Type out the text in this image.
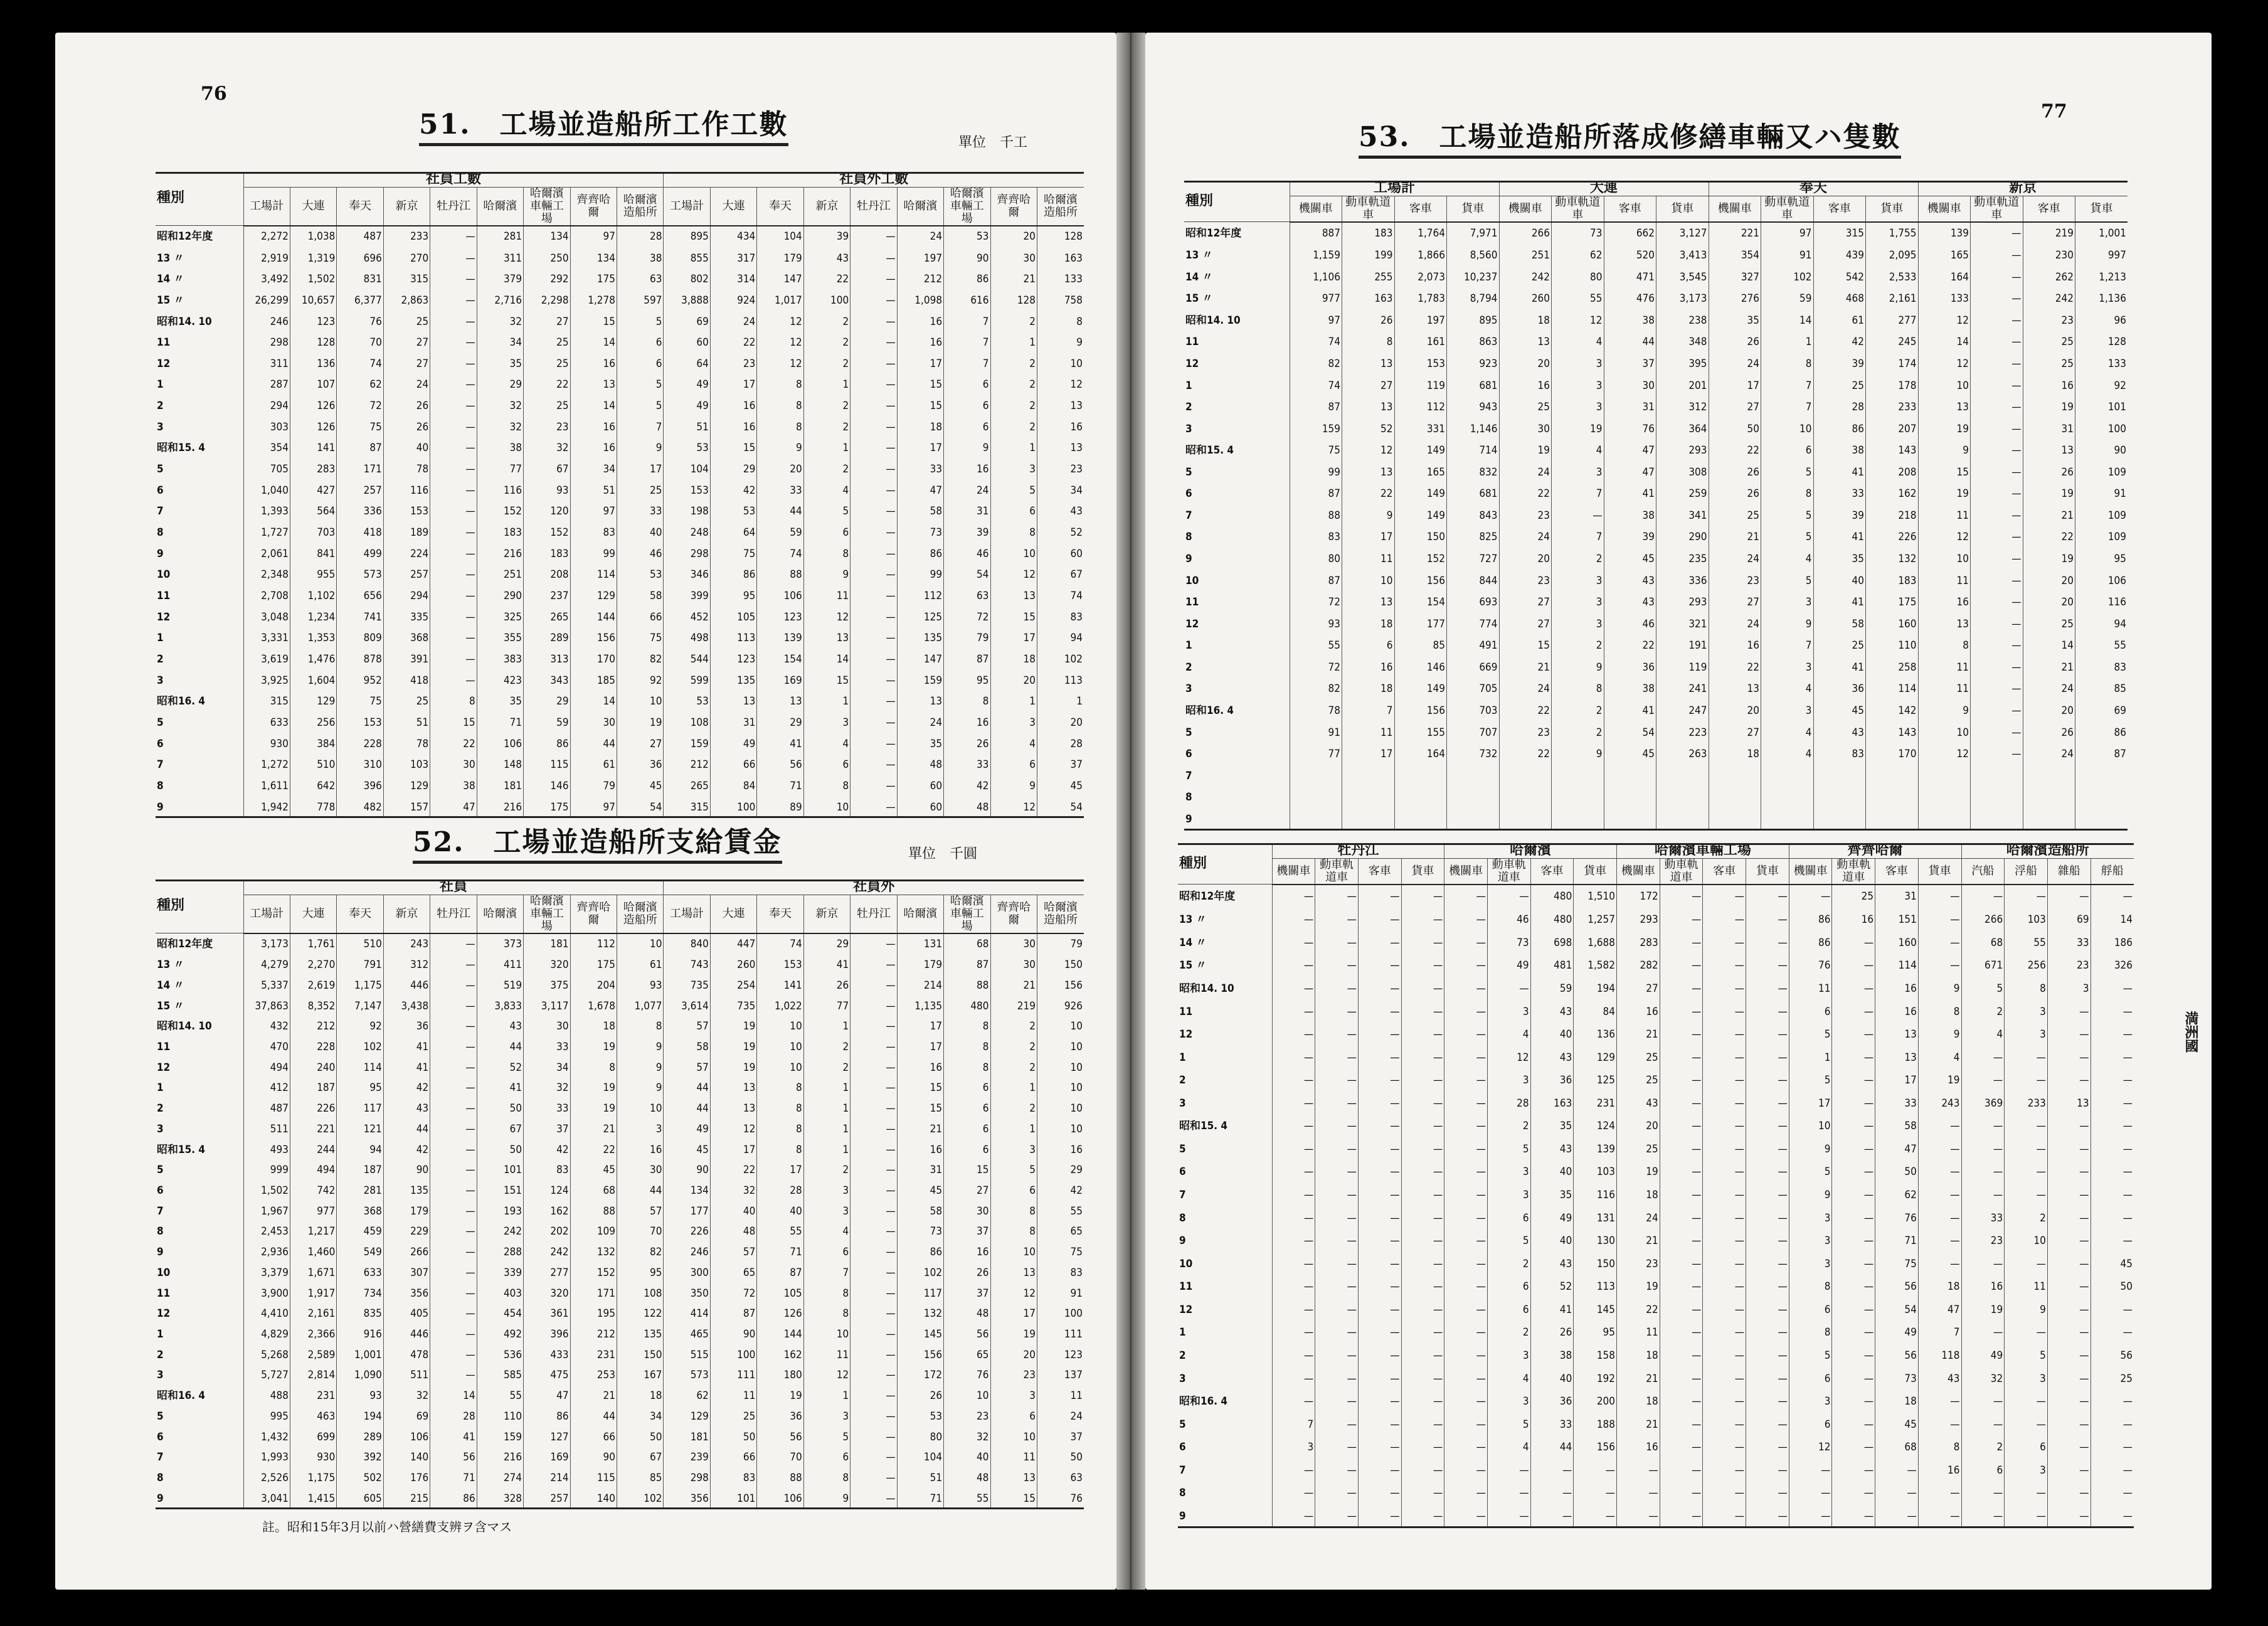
76
51.　工場並造船所工作工數
單位　千工
種別	社員工數									社員外工數								
	工場計	大連	奉天	新京	牡丹江	哈爾濱	哈爾濱車輛工場	齊齊哈爾	哈爾濱造船所	工場計	大連	奉天	新京	牡丹江	哈爾濱	哈爾濱車輛工場	齊齊哈爾	哈爾濱造船所
昭和12年度	2,272	1,038	487	233	—	281	134	97	28	895	434	104	39	—	24	53	20	128
13 〃	2,919	1,319	696	270	—	311	250	134	38	855	317	179	43	—	197	90	30	163
14 〃	3,492	1,502	831	315	—	379	292	175	63	802	314	147	22	—	212	86	21	133
15 〃	26,299	10,657	6,377	2,863	—	2,716	2,298	1,278	597	3,888	924	1,017	100	—	1,098	616	128	758
昭和14. 10	246	123	76	25	—	32	27	15	5	69	24	12	2	—	16	7	2	8
11	298	128	70	27	—	34	25	14	6	60	22	12	2	—	16	7	1	9
12	311	136	74	27	—	35	25	16	6	64	23	12	2	—	17	7	2	10
1	287	107	62	24	—	29	22	13	5	49	17	8	1	—	15	6	2	12
2	294	126	72	26	—	32	25	14	5	49	16	8	2	—	15	6	2	13
3	303	126	75	26	—	32	23	16	7	51	16	8	2	—	18	6	2	16
昭和15. 4	354	141	87	40	—	38	32	16	9	53	15	9	1	—	17	9	1	13
5	705	283	171	78	—	77	67	34	17	104	29	20	2	—	33	16	3	23
6	1,040	427	257	116	—	116	93	51	25	153	42	33	4	—	47	24	5	34
7	1,393	564	336	153	—	152	120	97	33	198	53	44	5	—	58	31	6	43
8	1,727	703	418	189	—	183	152	83	40	248	64	59	6	—	73	39	8	52
9	2,061	841	499	224	—	216	183	99	46	298	75	74	8	—	86	46	10	60
10	2,348	955	573	257	—	251	208	114	53	346	86	88	9	—	99	54	12	67
11	2,708	1,102	656	294	—	290	237	129	58	399	95	106	11	—	112	63	13	74
12	3,048	1,234	741	335	—	325	265	144	66	452	105	123	12	—	125	72	15	83
1	3,331	1,353	809	368	—	355	289	156	75	498	113	139	13	—	135	79	17	94
2	3,619	1,476	878	391	—	383	313	170	82	544	123	154	14	—	147	87	18	102
3	3,925	1,604	952	418	—	423	343	185	92	599	135	169	15	—	159	95	20	113
昭和16. 4	315	129	75	25	8	35	29	14	10	53	13	13	1	—	13	8	1	1
5	633	256	153	51	15	71	59	30	19	108	31	29	3	—	24	16	3	20
6	930	384	228	78	22	106	86	44	27	159	49	41	4	—	35	26	4	28
7	1,272	510	310	103	30	148	115	61	36	212	66	56	6	—	48	33	6	37
8	1,611	642	396	129	38	181	146	79	45	265	84	71	8	—	60	42	9	45
9	1,942	778	482	157	47	216	175	97	54	315	100	89	10	—	60	48	12	54
52.　工場並造船所支給賃金	單位　千圓
種別	社員									社員外								
	工場計	大連	奉天	新京	牡丹江	哈爾濱	哈爾濱車輛工場	齊齊哈爾	哈爾濱造船所	工場計	大連	奉天	新京	牡丹江	哈爾濱	哈爾濱車輛工場	齊齊哈爾	哈爾濱造船所
昭和12年度	3,173	1,761	510	243	—	373	181	112	10	840	447	74	29	—	131	68	30	79
13 〃	4,279	2,270	791	312	—	411	320	175	61	743	260	153	41	—	179	87	30	150
14 〃	5,337	2,619	1,175	446	—	519	375	204	93	735	254	141	26	—	214	88	21	156
15 〃	37,863	8,352	7,147	3,438	—	3,833	3,117	1,678	1,077	3,614	735	1,022	77	—	1,135	480	219	926
昭和14. 10	432	212	92	36	—	43	30	18	8	57	19	10	1	—	17	8	2	10
11	470	228	102	41	—	44	33	19	9	58	19	10	2	—	17	8	2	10
12	494	240	114	41	—	52	34	8	9	57	19	10	2	—	16	8	2	10
1	412	187	95	42	—	41	32	19	9	44	13	8	1	—	15	6	1	10
2	487	226	117	43	—	50	33	19	10	44	13	8	1	—	15	6	2	10
3	511	221	121	44	—	67	37	21	3	49	12	8	1	—	21	6	1	10
昭和15. 4	493	244	94	42	—	50	42	22	16	45	17	8	1	—	16	6	3	16
5	999	494	187	90	—	101	83	45	30	90	22	17	2	—	31	15	5	29
6	1,502	742	281	135	—	151	124	68	44	134	32	28	3	—	45	27	6	42
7	1,967	977	368	179	—	193	162	88	57	177	40	40	3	—	58	30	8	55
8	2,453	1,217	459	229	—	242	202	109	70	226	48	55	4	—	73	37	8	65
9	2,936	1,460	549	266	—	288	242	132	82	246	57	71	6	—	86	16	10	75
10	3,379	1,671	633	307	—	339	277	152	95	300	65	87	7	—	102	26	13	83
11	3,900	1,917	734	356	—	403	320	171	108	350	72	105	8	—	117	37	12	91
12	4,410	2,161	835	405	—	454	361	195	122	414	87	126	8	—	132	48	17	100
1	4,829	2,366	916	446	—	492	396	212	135	465	90	144	10	—	145	56	19	111
2	5,268	2,589	1,001	478	—	536	433	231	150	515	100	162	11	—	156	65	20	123
3	5,727	2,814	1,090	511	—	585	475	253	167	573	111	180	12	—	172	76	23	137
昭和16. 4	488	231	93	32	14	55	47	21	18	62	11	19	1	—	26	10	3	11
5	995	463	194	69	28	110	86	44	34	129	25	36	3	—	53	23	6	24
6	1,432	699	289	106	41	159	127	66	50	181	50	56	5	—	80	32	10	37
7	1,993	930	392	140	56	216	169	90	67	239	66	70	6	—	104	40	11	50
8	2,526	1,175	502	176	71	274	214	115	85	298	83	88	8	—	51	48	13	63
9	3,041	1,415	605	215	86	328	257	140	102	356	101	106	9	—	71	55	15	76
註。昭和15年3月以前ハ營繕費支辨ヲ含マス
77
53.　工場並造船所落成修繕車輛又ハ隻數
種別	工場計				大連				奉天				新京			
	機關車	動車軌道車	客車	貨車	機關車	動車軌道車	客車	貨車	機關車	動車軌道車	客車	貨車	機關車	動車軌道車	客車	貨車
昭和12年度	887	183	1,764	7,971	266	73	662	3,127	221	97	315	1,755	139	—	219	1,001
13 〃	1,159	199	1,866	8,560	251	62	520	3,413	354	91	439	2,095	165	—	230	997
14 〃	1,106	255	2,073	10,237	242	80	471	3,545	327	102	542	2,533	164	—	262	1,213
15 〃	977	163	1,783	8,794	260	55	476	3,173	276	59	468	2,161	133	—	242	1,136
昭和14. 10	97	26	197	895	18	12	38	238	35	14	61	277	12	—	23	96
11	74	8	161	863	13	4	44	348	26	1	42	245	14	—	25	128
12	82	13	153	923	20	3	37	395	24	8	39	174	12	—	25	133
1	74	27	119	681	16	3	30	201	17	7	25	178	10	—	16	92
2	87	13	112	943	25	3	31	312	27	7	28	233	13	—	19	101
3	159	52	331	1,146	30	19	76	364	50	10	86	207	19	—	31	100
昭和15. 4	75	12	149	714	19	4	47	293	22	6	38	143	9	—	13	90
5	99	13	165	832	24	3	47	308	26	5	41	208	15	—	26	109
6	87	22	149	681	22	7	41	259	26	8	33	162	19	—	19	91
7	88	9	149	843	23	—	38	341	25	5	39	218	11	—	21	109
8	83	17	150	825	24	7	39	290	21	5	41	226	12	—	22	109
9	80	11	152	727	20	2	45	235	24	4	35	132	10	—	19	95
10	87	10	156	844	23	3	43	336	23	5	40	183	11	—	20	106
11	72	13	154	693	27	3	43	293	27	3	41	175	16	—	20	116
12	93	18	177	774	27	3	46	321	24	9	58	160	13	—	25	94
1	55	6	85	491	15	2	22	191	16	7	25	110	8	—	14	55
2	72	16	146	669	21	9	36	119	22	3	41	258	11	—	21	83
3	82	18	149	705	24	8	38	241	13	4	36	114	11	—	24	85
昭和16. 4	78	7	156	703	22	2	41	247	20	3	45	142	9	—	20	69
5	91	11	155	707	23	2	54	223	27	4	43	143	10	—	26	86
6	77	17	164	732	22	9	45	263	18	4	83	170	12	—	24	87
7																
8																
9																
種別	牡丹江				哈爾濱				哈爾濱車輛工場				齊齊哈爾				哈爾濱造船所			
	機關車	動車軌道車	客車	貨車	機關車	動車軌道車	客車	貨車	機關車	動車軌道車	客車	貨車	機關車	動車軌道車	客車	貨車	汽船	浮船	雜船	艀船
昭和12年度	—	—	—	—	—	—	480	1,510	172	—	—	—	—	25	31	—	—	—	—	—
13 〃	—	—	—	—	—	46	480	1,257	293	—	—	—	86	16	151	—	266	103	69	14
14 〃	—	—	—	—	—	73	698	1,688	283	—	—	—	86	—	160	—	68	55	33	186
15 〃	—	—	—	—	—	49	481	1,582	282	—	—	—	76	—	114	—	671	256	23	326
昭和14. 10	—	—	—	—	—	—	59	194	27	—	—	—	11	—	16	9	5	8	3	—
11	—	—	—	—	—	3	43	84	16	—	—	—	6	—	16	8	2	3	—	—
12	—	—	—	—	—	4	40	136	21	—	—	—	5	—	13	9	4	3	—	—
1	—	—	—	—	—	12	43	129	25	—	—	—	1	—	13	4	—	—	—	—
2	—	—	—	—	—	3	36	125	25	—	—	—	5	—	17	19	—	—	—	—
3	—	—	—	—	—	28	163	231	43	—	—	—	17	—	33	243	369	233	13	—
昭和15. 4	—	—	—	—	—	2	35	124	20	—	—	—	10	—	58	—	—	—	—	—
5	—	—	—	—	—	5	43	139	25	—	—	—	9	—	47	—	—	—	—	—
6	—	—	—	—	—	3	40	103	19	—	—	—	5	—	50	—	—	—	—	—
7	—	—	—	—	—	3	35	116	18	—	—	—	9	—	62	—	—	—	—	—
8	—	—	—	—	—	6	49	131	24	—	—	—	3	—	76	—	33	2	—	—
9	—	—	—	—	—	5	40	130	21	—	—	—	3	—	71	—	23	10	—	—
10	—	—	—	—	—	2	43	150	23	—	—	—	3	—	75	—	—	—	—	45
11	—	—	—	—	—	6	52	113	19	—	—	—	8	—	56	18	16	11	—	50
12	—	—	—	—	—	6	41	145	22	—	—	—	6	—	54	47	19	9	—	—
1	—	—	—	—	—	2	26	95	11	—	—	—	8	—	49	7	—	—	—	—
2	—	—	—	—	—	3	38	158	18	—	—	—	5	—	56	118	49	5	—	56
3	—	—	—	—	—	4	40	192	21	—	—	—	6	—	73	43	32	3	—	25
昭和16. 4	—	—	—	—	—	3	36	200	18	—	—	—	3	—	18	—	—	—	—	—
5	7	—	—	—	—	5	33	188	21	—	—	—	6	—	45	—	—	—	—	—
6	3	—	—	—	—	4	44	156	16	—	—	—	12	—	68	8	2	6	—	—
7	—	—	—	—	—	—	—	—	—	—	—	—	—	—	—	16	6	3	—	—
8	—	—	—	—	—	—	—	—	—	—	—	—	—	—	—	—	—	—	—	—
9	—	—	—	—	—	—	—	—	—	—	—	—	—	—	—	—	—	—	—	—
満洲國
